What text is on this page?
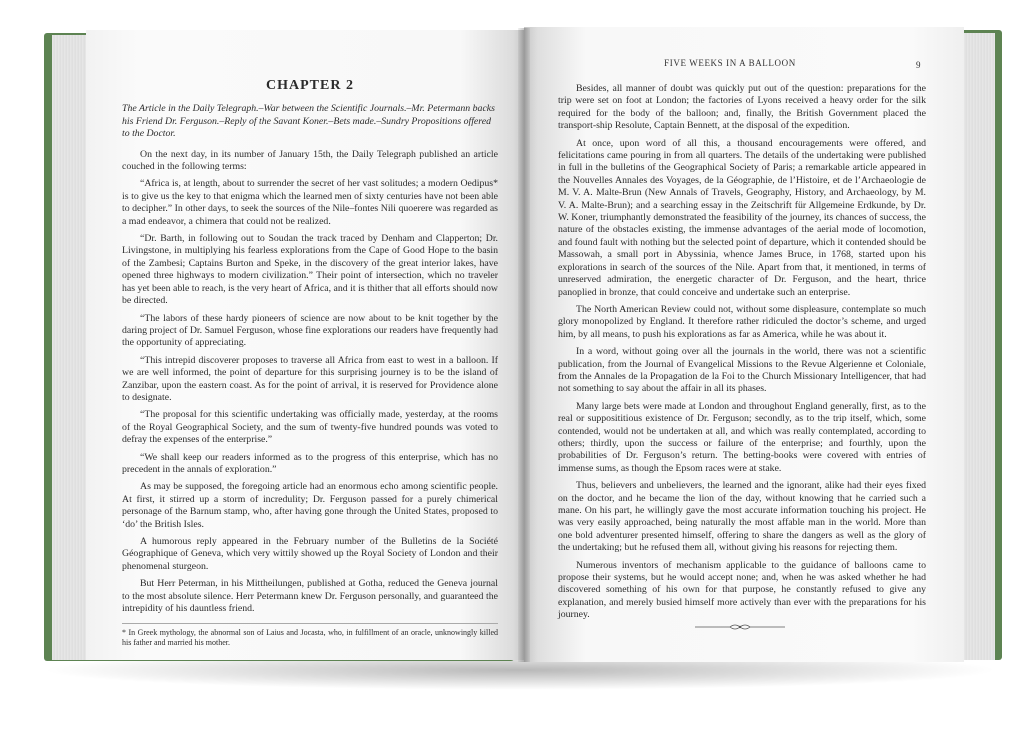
CHAPTER 2
The Article in the Daily Telegraph.–War between the Scientific Journals.–Mr. Petermann backs his Friend Dr. Ferguson.–Reply of the Savant Koner.–Bets made.–Sundry Propositions offered to the Doctor.

On the next day, in its number of January 15th, the Daily Telegraph published an article couched in the following terms:

“Africa is, at length, about to surrender the secret of her vast solitudes; a modern Oedipus* is to give us the key to that enigma which the learned men of sixty centuries have not been able to decipher.” In other days, to seek the sources of the Nile–fontes Nili quoerere was regarded as a mad endeavor, a chimera that could not be realized.

“Dr. Barth, in following out to Soudan the track traced by Denham and Clapperton; Dr. Livingstone, in multiplying his fearless explorations from the Cape of Good Hope to the basin of the Zambesi; Captains Burton and Speke, in the discovery of the great interior lakes, have opened three highways to modern civilization.” Their point of intersection, which no traveler has yet been able to reach, is the very heart of Africa, and it is thither that all efforts should now be directed.

“The labors of these hardy pioneers of science are now about to be knit together by the daring project of Dr. Samuel Ferguson, whose fine explorations our readers have frequently had the opportunity of appreciating.

“This intrepid discoverer proposes to traverse all Africa from east to west in a balloon. If we are well informed, the point of departure for this surprising journey is to be the island of Zanzibar, upon the eastern coast. As for the point of arrival, it is reserved for Providence alone to designate.

“The proposal for this scientific undertaking was officially made, yesterday, at the rooms of the Royal Geographical Society, and the sum of twenty-five hundred pounds was voted to defray the expenses of the enterprise.”

“We shall keep our readers informed as to the progress of this enterprise, which has no precedent in the annals of exploration.”

As may be supposed, the foregoing article had an enormous echo among scientific people. At first, it stirred up a storm of incredulity; Dr. Ferguson passed for a purely chimerical personage of the Barnum stamp, who, after having gone through the United States, proposed to ‘do’ the British Isles.

A humorous reply appeared in the February number of the Bulletins de la Société Géographique of Geneva, which very wittily showed up the Royal Society of London and their phenomenal sturgeon.

But Herr Peterman, in his Mittheilungen, published at Gotha, reduced the Geneva journal to the most absolute silence. Herr Petermann knew Dr. Ferguson personally, and guaranteed the intrepidity of his dauntless friend.

* In Greek mythology, the abnormal son of Laius and Jocasta, who, in fulfillment of an oracle, unknowingly killed his father and married his mother.

FIVE WEEKS IN A BALLOON	9

Besides, all manner of doubt was quickly put out of the question: preparations for the trip were set on foot at London; the factories of Lyons received a heavy order for the silk required for the body of the balloon; and, finally, the British Government placed the transport-ship Resolute, Captain Bennett, at the disposal of the expedition.

At once, upon word of all this, a thousand encouragements were offered, and felicitations came pouring in from all quarters. The details of the undertaking were published in full in the bulletins of the Geographical Society of Paris; a remarkable article appeared in the Nouvelles Annales des Voyages, de la Géographie, de l’Histoire, et de l’Archaeologie de M. V. A. Malte-Brun (New Annals of Travels, Geography, History, and Archaeology, by M. V. A. Malte-Brun); and a searching essay in the Zeitschrift für Allgemeine Erdkunde, by Dr. W. Koner, triumphantly demonstrated the feasibility of the journey, its chances of success, the nature of the obstacles existing, the immense advantages of the aerial mode of locomotion, and found fault with nothing but the selected point of departure, which it contended should be Massowah, a small port in Abyssinia, whence James Bruce, in 1768, started upon his explorations in search of the sources of the Nile. Apart from that, it mentioned, in terms of unreserved admiration, the energetic character of Dr. Ferguson, and the heart, thrice panoplied in bronze, that could conceive and undertake such an enterprise.

The North American Review could not, without some displeasure, contemplate so much glory monopolized by England. It therefore rather ridiculed the doctor’s scheme, and urged him, by all means, to push his explorations as far as America, while he was about it.

In a word, without going over all the journals in the world, there was not a scientific publication, from the Journal of Evangelical Missions to the Revue Algerienne et Coloniale, from the Annales de la Propagation de la Foi to the Church Missionary Intelligencer, that had not something to say about the affair in all its phases.

Many large bets were made at London and throughout England generally, first, as to the real or supposititious existence of Dr. Ferguson; secondly, as to the trip itself, which, some contended, would not be undertaken at all, and which was really contemplated, according to others; thirdly, upon the success or failure of the enterprise; and fourthly, upon the probabilities of Dr. Ferguson’s return. The betting-books were covered with entries of immense sums, as though the Epsom races were at stake.

Thus, believers and unbelievers, the learned and the ignorant, alike had their eyes fixed on the doctor, and he became the lion of the day, without knowing that he carried such a mane. On his part, he willingly gave the most accurate information touching his project. He was very easily approached, being naturally the most affable man in the world. More than one bold adventurer presented himself, offering to share the dangers as well as the glory of the undertaking; but he refused them all, without giving his reasons for rejecting them.

Numerous inventors of mechanism applicable to the guidance of balloons came to propose their systems, but he would accept none; and, when he was asked whether he had discovered something of his own for that purpose, he constantly refused to give any explanation, and merely busied himself more actively than ever with the preparations for his journey.
